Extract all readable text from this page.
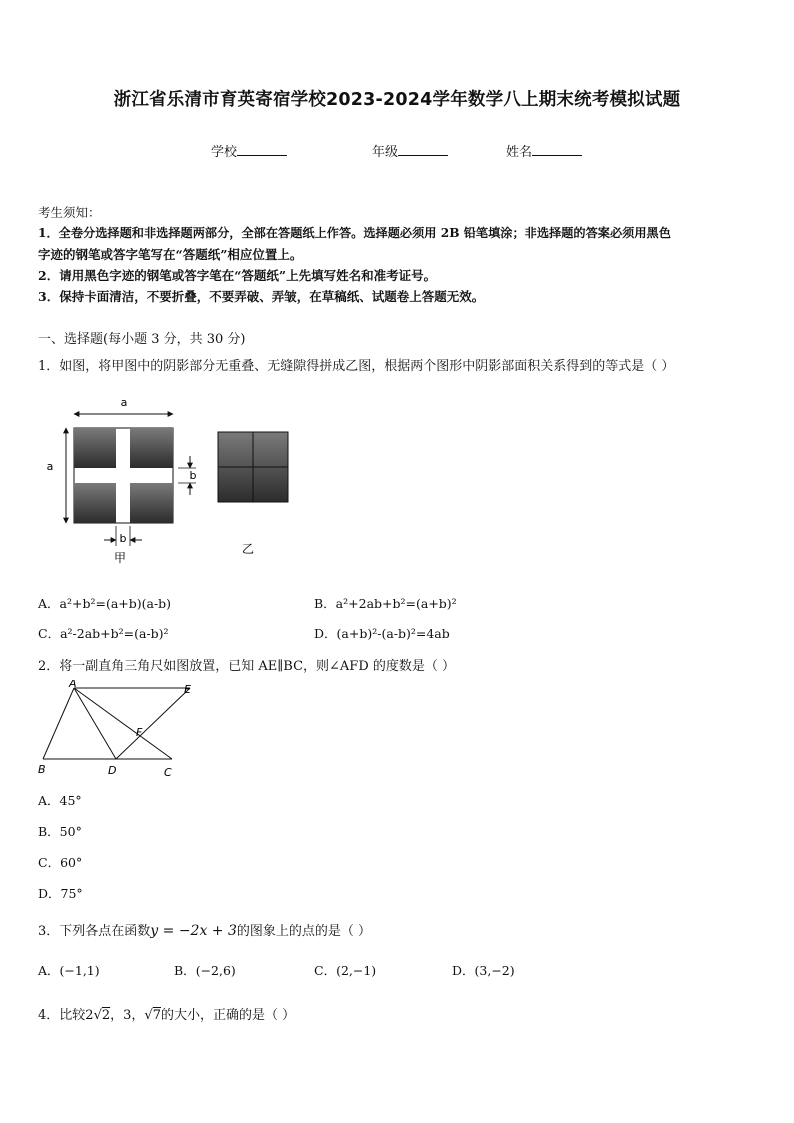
浙江省乐清市育英寄宿学校2023-2024学年数学八上期末统考模拟试题
学校	年级	姓名
考生须知：
1．全卷分选择题和非选择题两部分，全部在答题纸上作答。选择题必须用 2B 铅笔填涂；非选择题的答案必须用黑色
字迹的钢笔或答字笔写在“答题纸”相应位置上。
2．请用黑色字迹的钢笔或答字笔在“答题纸”上先填写姓名和准考证号。
3．保持卡面清洁，不要折叠，不要弄破、弄皱，在草稿纸、试题卷上答题无效。
一、选择题(每小题 3 分，共 30 分)
1．如图，将甲图中的阴影部分无重叠、无缝隙得拼成乙图，根据两个图形中阴影部面积关系得到的等式是（ ）
a
a
b
b
甲
乙
A．a²+b²=(a+b)(a-b)	B．a²+2ab+b²=(a+b)²
C．a²-2ab+b²=(a-b)²	D．(a+b)²-(a-b)²=4ab
2．将一副直角三角尺如图放置，已知 AE∥BC，则∠AFD 的度数是（ ）
A	E
F
B	D	C
A．45°
B．50°
C．60°
D．75°
3．下列各点在函数y = −2x + 3的图象上的点的是（ ）
A．(−1,1)	B．(−2,6)	C．(2,−1)	D．(3,−2)
4．比较2√2，3，√7的大小，正确的是（ ）
